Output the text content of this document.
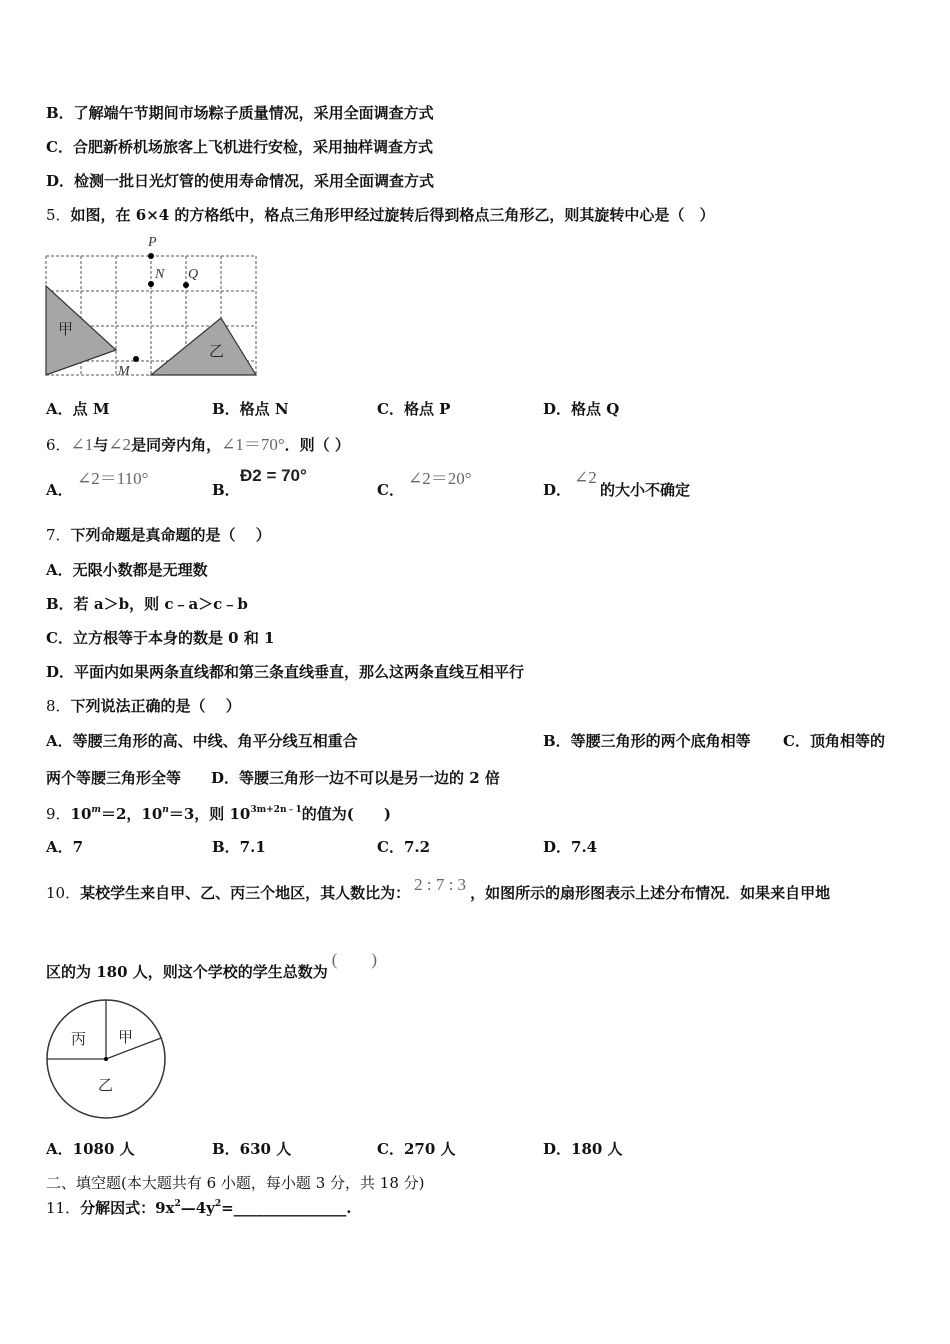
B．了解端午节期间市场粽子质量情况，采用全面调查方式
C．合肥新桥机场旅客上飞机进行安检，采用抽样调查方式
D．检测一批日光灯管的使用寿命情况，采用全面调查方式
5．如图，在 6×4 的方格纸中，格点三角形甲经过旋转后得到格点三角形乙，则其旋转中心是（　）
甲
乙
P
N Q
M
A．点 M	B．格点 N	C．格点 P	D．格点 Q
6．∠1与∠2是同旁内角，∠1＝70°．则（ ）
A．
∠2＝110°
B．
Ð2 = 70°
C．
∠2＝20°
D．
∠2
的大小不确定
7．下列命题是真命题的是（　 ）
A．无限小数都是无理数
B．若 a＞b，则 c﹣a＞c﹣b
C．立方根等于本身的数是 0 和 1
D．平面内如果两条直线都和第三条直线垂直，那么这两条直线互相平行
8．下列说法正确的是（　 ）
A．等腰三角形的高、中线、角平分线互相重合	B．等腰三角形的两个底角相等 C．顶角相等的
两个等腰三角形全等 D．等腰三角形一边不可以是另一边的 2 倍
9．$10^m=2$，$10^n=3$，则 $10^{3m+2n﹣1}$的值为(　　)
A．7	B．7.1	C．7.2	D．7.4
10．某校学生来自甲、乙、丙三个地区，其人数比为： 2 : 7 : 3 ，如图所示的扇形图表示上述分布情况．如果来自甲地
区的为 180 人，则这个学校的学生总数为(　　)
丙 甲
乙
A．1080 人	B．630 人	C．270 人	D．180 人
二、填空题(本大题共有 6 小题，每小题 3 分，共 18 分)
11．分解因式：$9x^2—4y^2=\_\_\_\_\_\_\_\_\_\_\_\_\_\_\_$.
